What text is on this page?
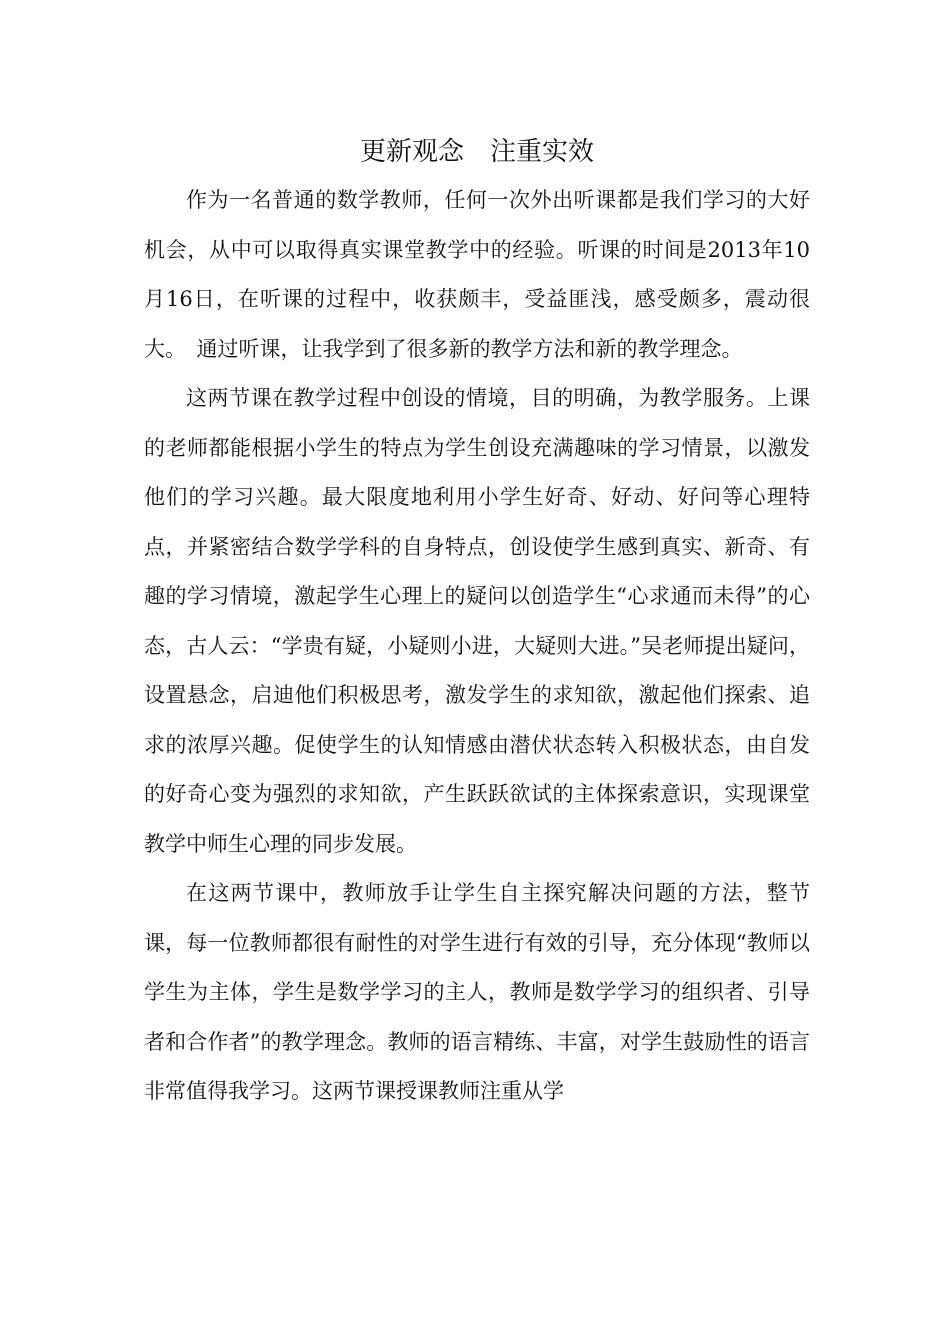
更新观念　注重实效

作为一名普通的数学教师，任何一次外出听课都是我们学习的大好机会，从中可以取得真实课堂教学中的经验。听课的时间是2013年10月16日，在听课的过程中，收获颇丰，受益匪浅，感受颇多，震动很大。　通过听课，让我学到了很多新的教学方法和新的教学理念。

这两节课在教学过程中创设的情境，目的明确，为教学服务。上课的老师都能根据小学生的特点为学生创设充满趣味的学习情景，以激发他们的学习兴趣。最大限度地利用小学生好奇、好动、好问等心理特点，并紧密结合数学学科的自身特点，创设使学生感到真实、新奇、有趣的学习情境，激起学生心理上的疑问以创造学生“心求通而未得”的心态，古人云：“学贵有疑，小疑则小进，大疑则大进。”吴老师提出疑问，设置悬念，启迪他们积极思考，激发学生的求知欲，激起他们探索、追求的浓厚兴趣。促使学生的认知情感由潜伏状态转入积极状态，由自发的好奇心变为强烈的求知欲，产生跃跃欲试的主体探索意识，实现课堂教学中师生心理的同步发展。

在这两节课中，教师放手让学生自主探究解决问题的方法，整节课，每一位教师都很有耐性的对学生进行有效的引导，充分体现“教师以学生为主体，学生是数学学习的主人，教师是数学学习的组织者、引导者和合作者”的教学理念。教师的语言精练、丰富，对学生鼓励性的语言非常值得我学习。这两节课授课教师注重从学
